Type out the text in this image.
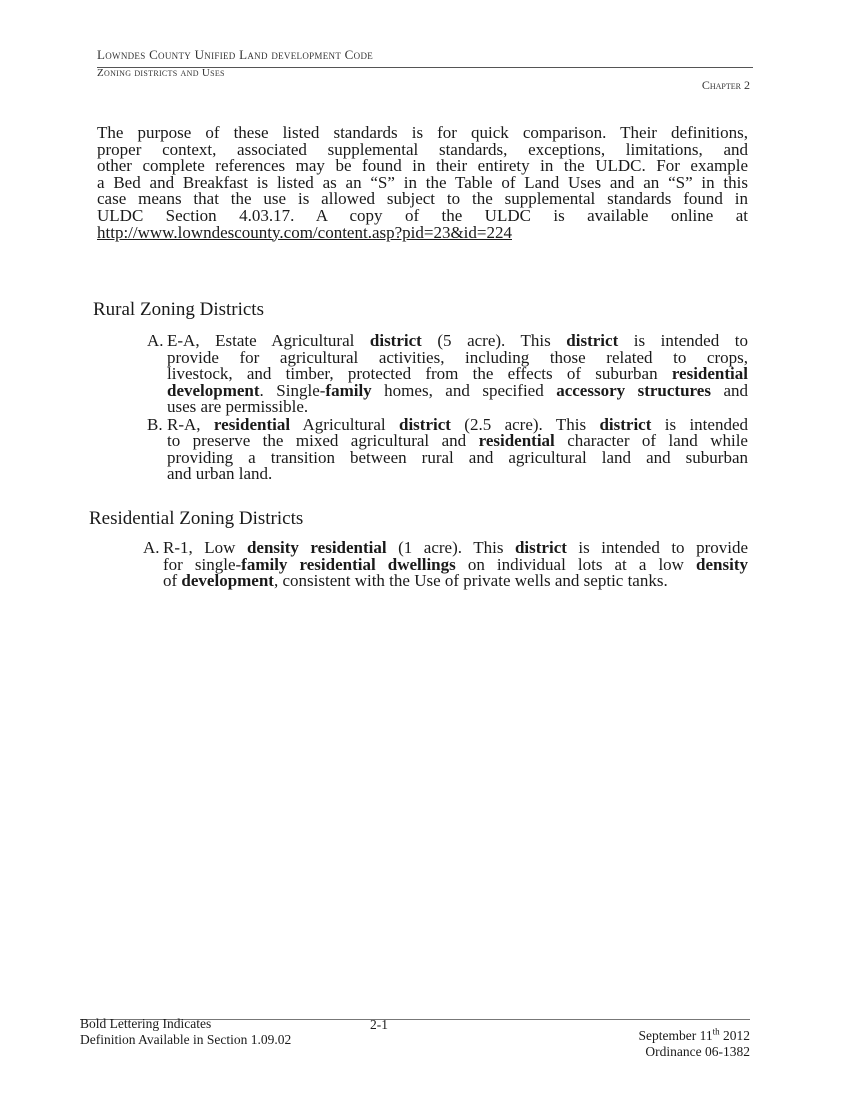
Lowndes County Unified Land development Code
Zoning districts and Uses
Chapter 2
The purpose of these listed standards is for quick comparison. Their definitions,
proper context, associated supplemental standards, exceptions, limitations, and
other complete references may be found in their entirety in the ULDC. For example
a Bed and Breakfast is listed as an “S” in the Table of Land Uses and an “S” in this
case means that the use is allowed subject to the supplemental standards found in
ULDC Section 4.03.17. A copy of the ULDC is available online at
http://www.lowndescounty.com/content.asp?pid=23&id=224
Rural Zoning Districts
A. E-A, Estate Agricultural district (5 acre). This district is intended to
provide for agricultural activities, including those related to crops,
livestock, and timber, protected from the effects of suburban residential
development. Single-family homes, and specified accessory structures and
uses are permissible.
B. R-A, residential Agricultural district (2.5 acre). This district is intended
to preserve the mixed agricultural and residential character of land while
providing a transition between rural and agricultural land and suburban
and urban land.
Residential Zoning Districts
A. R-1, Low density residential (1 acre). This district is intended to provide
for single-family residential dwellings on individual lots at a low density
of development, consistent with the Use of private wells and septic tanks.
Bold Lettering Indicates
Definition Available in Section 1.09.02
2-1
September 11th 2012
Ordinance 06-1382
